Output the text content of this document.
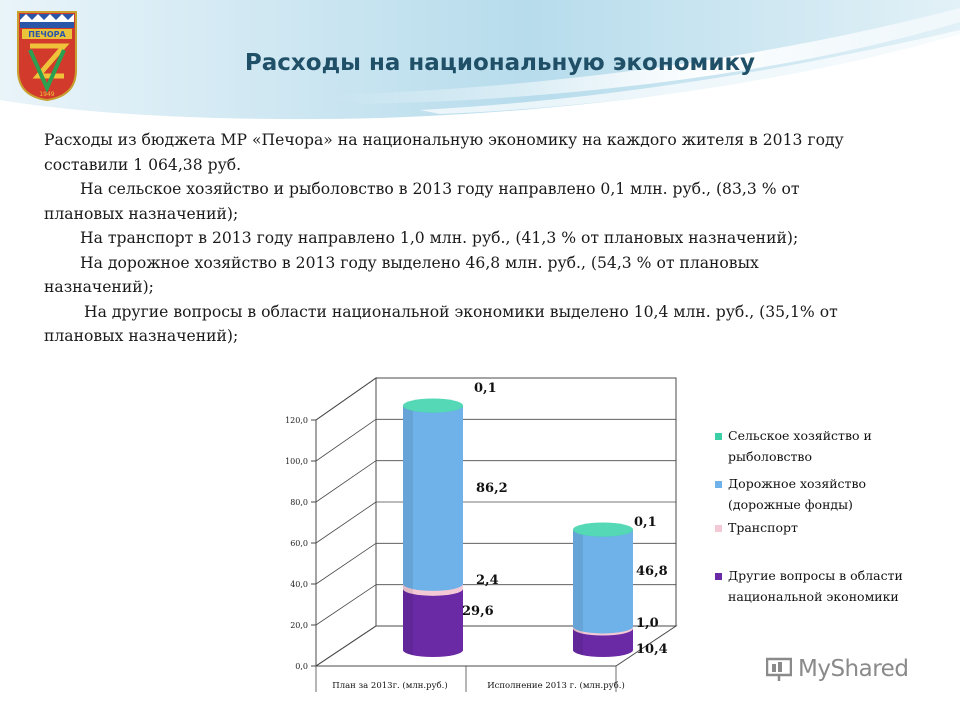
ПЕЧОРА
1949
Расходы на национальную экономику

Расходы из бюджета МР «Печора» на национальную экономику на каждого жителя в 2013 году
составили 1 064,38 руб.

На сельское хозяйство и рыболовство в 2013 году направлено 0,1 млн. руб., (83,3 % от

плановых назначений);

На транспорт в 2013 году направлено 1,0 млн. руб., (41,3 % от плановых назначений);

На дорожное хозяйство в 2013 году выделено 46,8 млн. руб., (54,3 % от плановых

назначений);

На другие вопросы в области национальной экономики выделено 10,4 млн. руб., (35,1% от

плановых назначений);

0,0
20,0
40,0
60,0
80,0
100,0
120,0
29,6
2,4
86,2
0,1
План за 2013г. (млн.руб.)
10,4
1,0
46,8
0,1
Исполнение 2013 г. (млн.руб.)
Сельское хозяйство и
рыболовство
Дорожное хозяйство
(дорожные фонды)
Транспорт
Другие вопросы в области
национальной экономики
MyShared
